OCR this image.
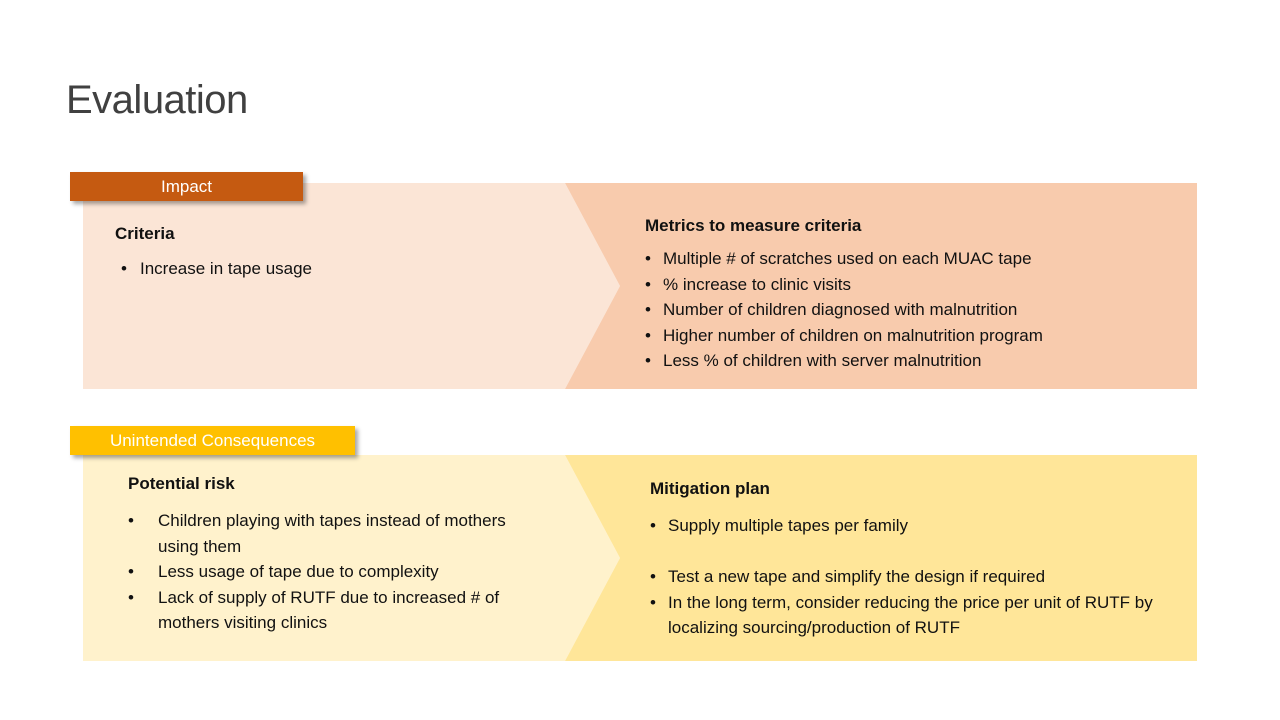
Evaluation
Impact
Criteria
• Increase in tape usage
Metrics to measure criteria
• Multiple # of scratches used on each MUAC tape
• % increase to clinic visits
• Number of children diagnosed with malnutrition
• Higher number of children on malnutrition program
• Less % of children with server malnutrition
Unintended Consequences
Potential risk
• Children playing with tapes instead of mothers using them
• Less usage of tape due to complexity
• Lack of supply of RUTF due to increased # of mothers visiting clinics
Mitigation plan
• Supply multiple tapes per family
• Test a new tape and simplify the design if required
• In the long term, consider reducing the price per unit of RUTF by localizing sourcing/production of RUTF
